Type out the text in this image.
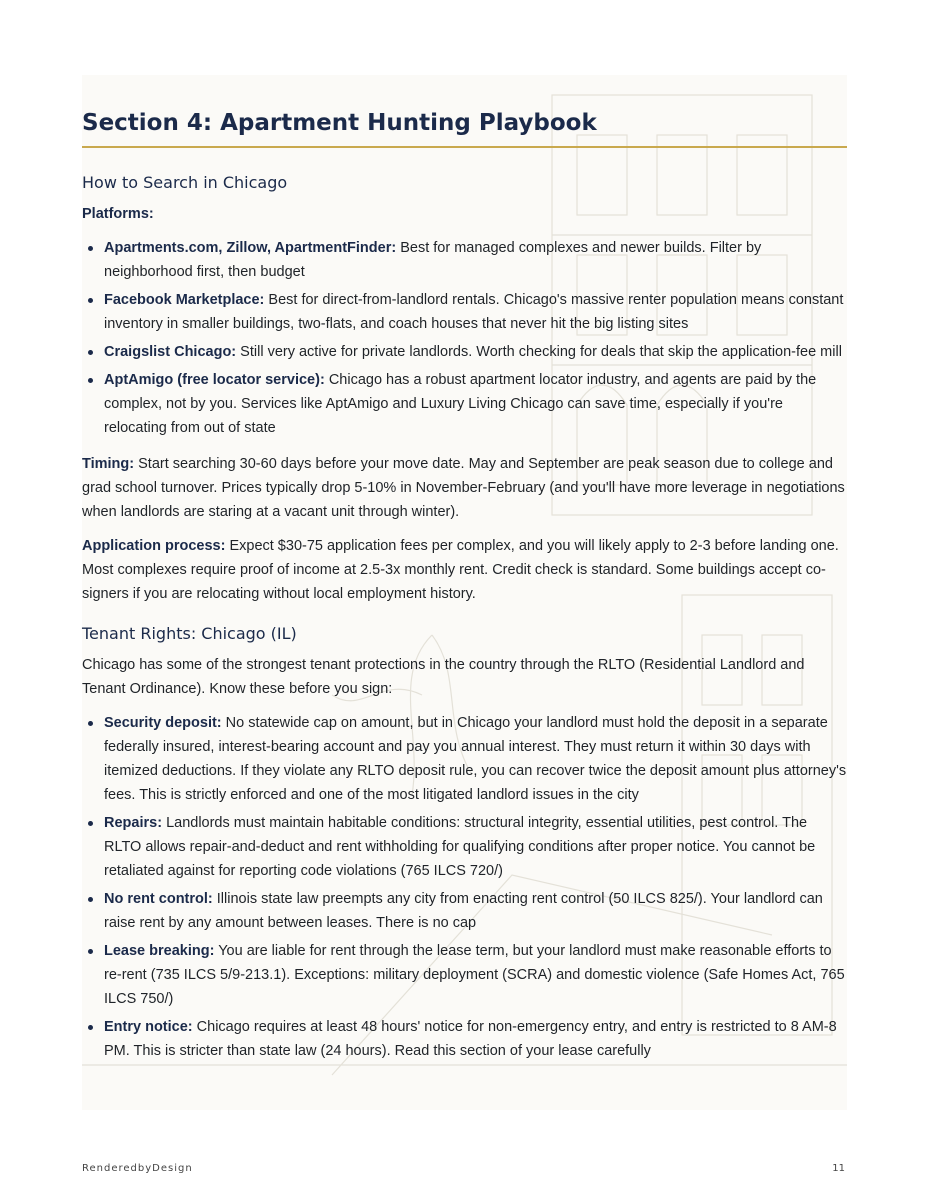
Section 4: Apartment Hunting Playbook
How to Search in Chicago

Platforms:

Apartments.com, Zillow, ApartmentFinder: Best for managed complexes and newer builds. Filter by neighborhood first, then budget
Facebook Marketplace: Best for direct-from-landlord rentals. Chicago's massive renter population means constant inventory in smaller buildings, two-flats, and coach houses that never hit the big listing sites
Craigslist Chicago: Still very active for private landlords. Worth checking for deals that skip the application-fee mill
AptAmigo (free locator service): Chicago has a robust apartment locator industry, and agents are paid by the complex, not by you. Services like AptAmigo and Luxury Living Chicago can save time, especially if you're relocating from out of state

Timing: Start searching 30-60 days before your move date. May and September are peak season due to college and grad school turnover. Prices typically drop 5-10% in November-February (and you'll have more leverage in negotiations when landlords are staring at a vacant unit through winter).

Application process: Expect $30-75 application fees per complex, and you will likely apply to 2-3 before landing one. Most complexes require proof of income at 2.5-3x monthly rent. Credit check is standard. Some buildings accept co-signers if you are relocating without local employment history.

Tenant Rights: Chicago (IL)

Chicago has some of the strongest tenant protections in the country through the RLTO (Residential Landlord and Tenant Ordinance). Know these before you sign:

Security deposit: No statewide cap on amount, but in Chicago your landlord must hold the deposit in a separate federally insured, interest-bearing account and pay you annual interest. They must return it within 30 days with itemized deductions. If they violate any RLTO deposit rule, you can recover twice the deposit amount plus attorney's fees. This is strictly enforced and one of the most litigated landlord issues in the city
Repairs: Landlords must maintain habitable conditions: structural integrity, essential utilities, pest control. The RLTO allows repair-and-deduct and rent withholding for qualifying conditions after proper notice. You cannot be retaliated against for reporting code violations (765 ILCS 720/)
No rent control: Illinois state law preempts any city from enacting rent control (50 ILCS 825/). Your landlord can raise rent by any amount between leases. There is no cap
Lease breaking: You are liable for rent through the lease term, but your landlord must make reasonable efforts to re-rent (735 ILCS 5/9-213.1). Exceptions: military deployment (SCRA) and domestic violence (Safe Homes Act, 765 ILCS 750/)
Entry notice: Chicago requires at least 48 hours' notice for non-emergency entry, and entry is restricted to 8 AM-8 PM. This is stricter than state law (24 hours). Read this section of your lease carefully
RenderedbyDesign	11
